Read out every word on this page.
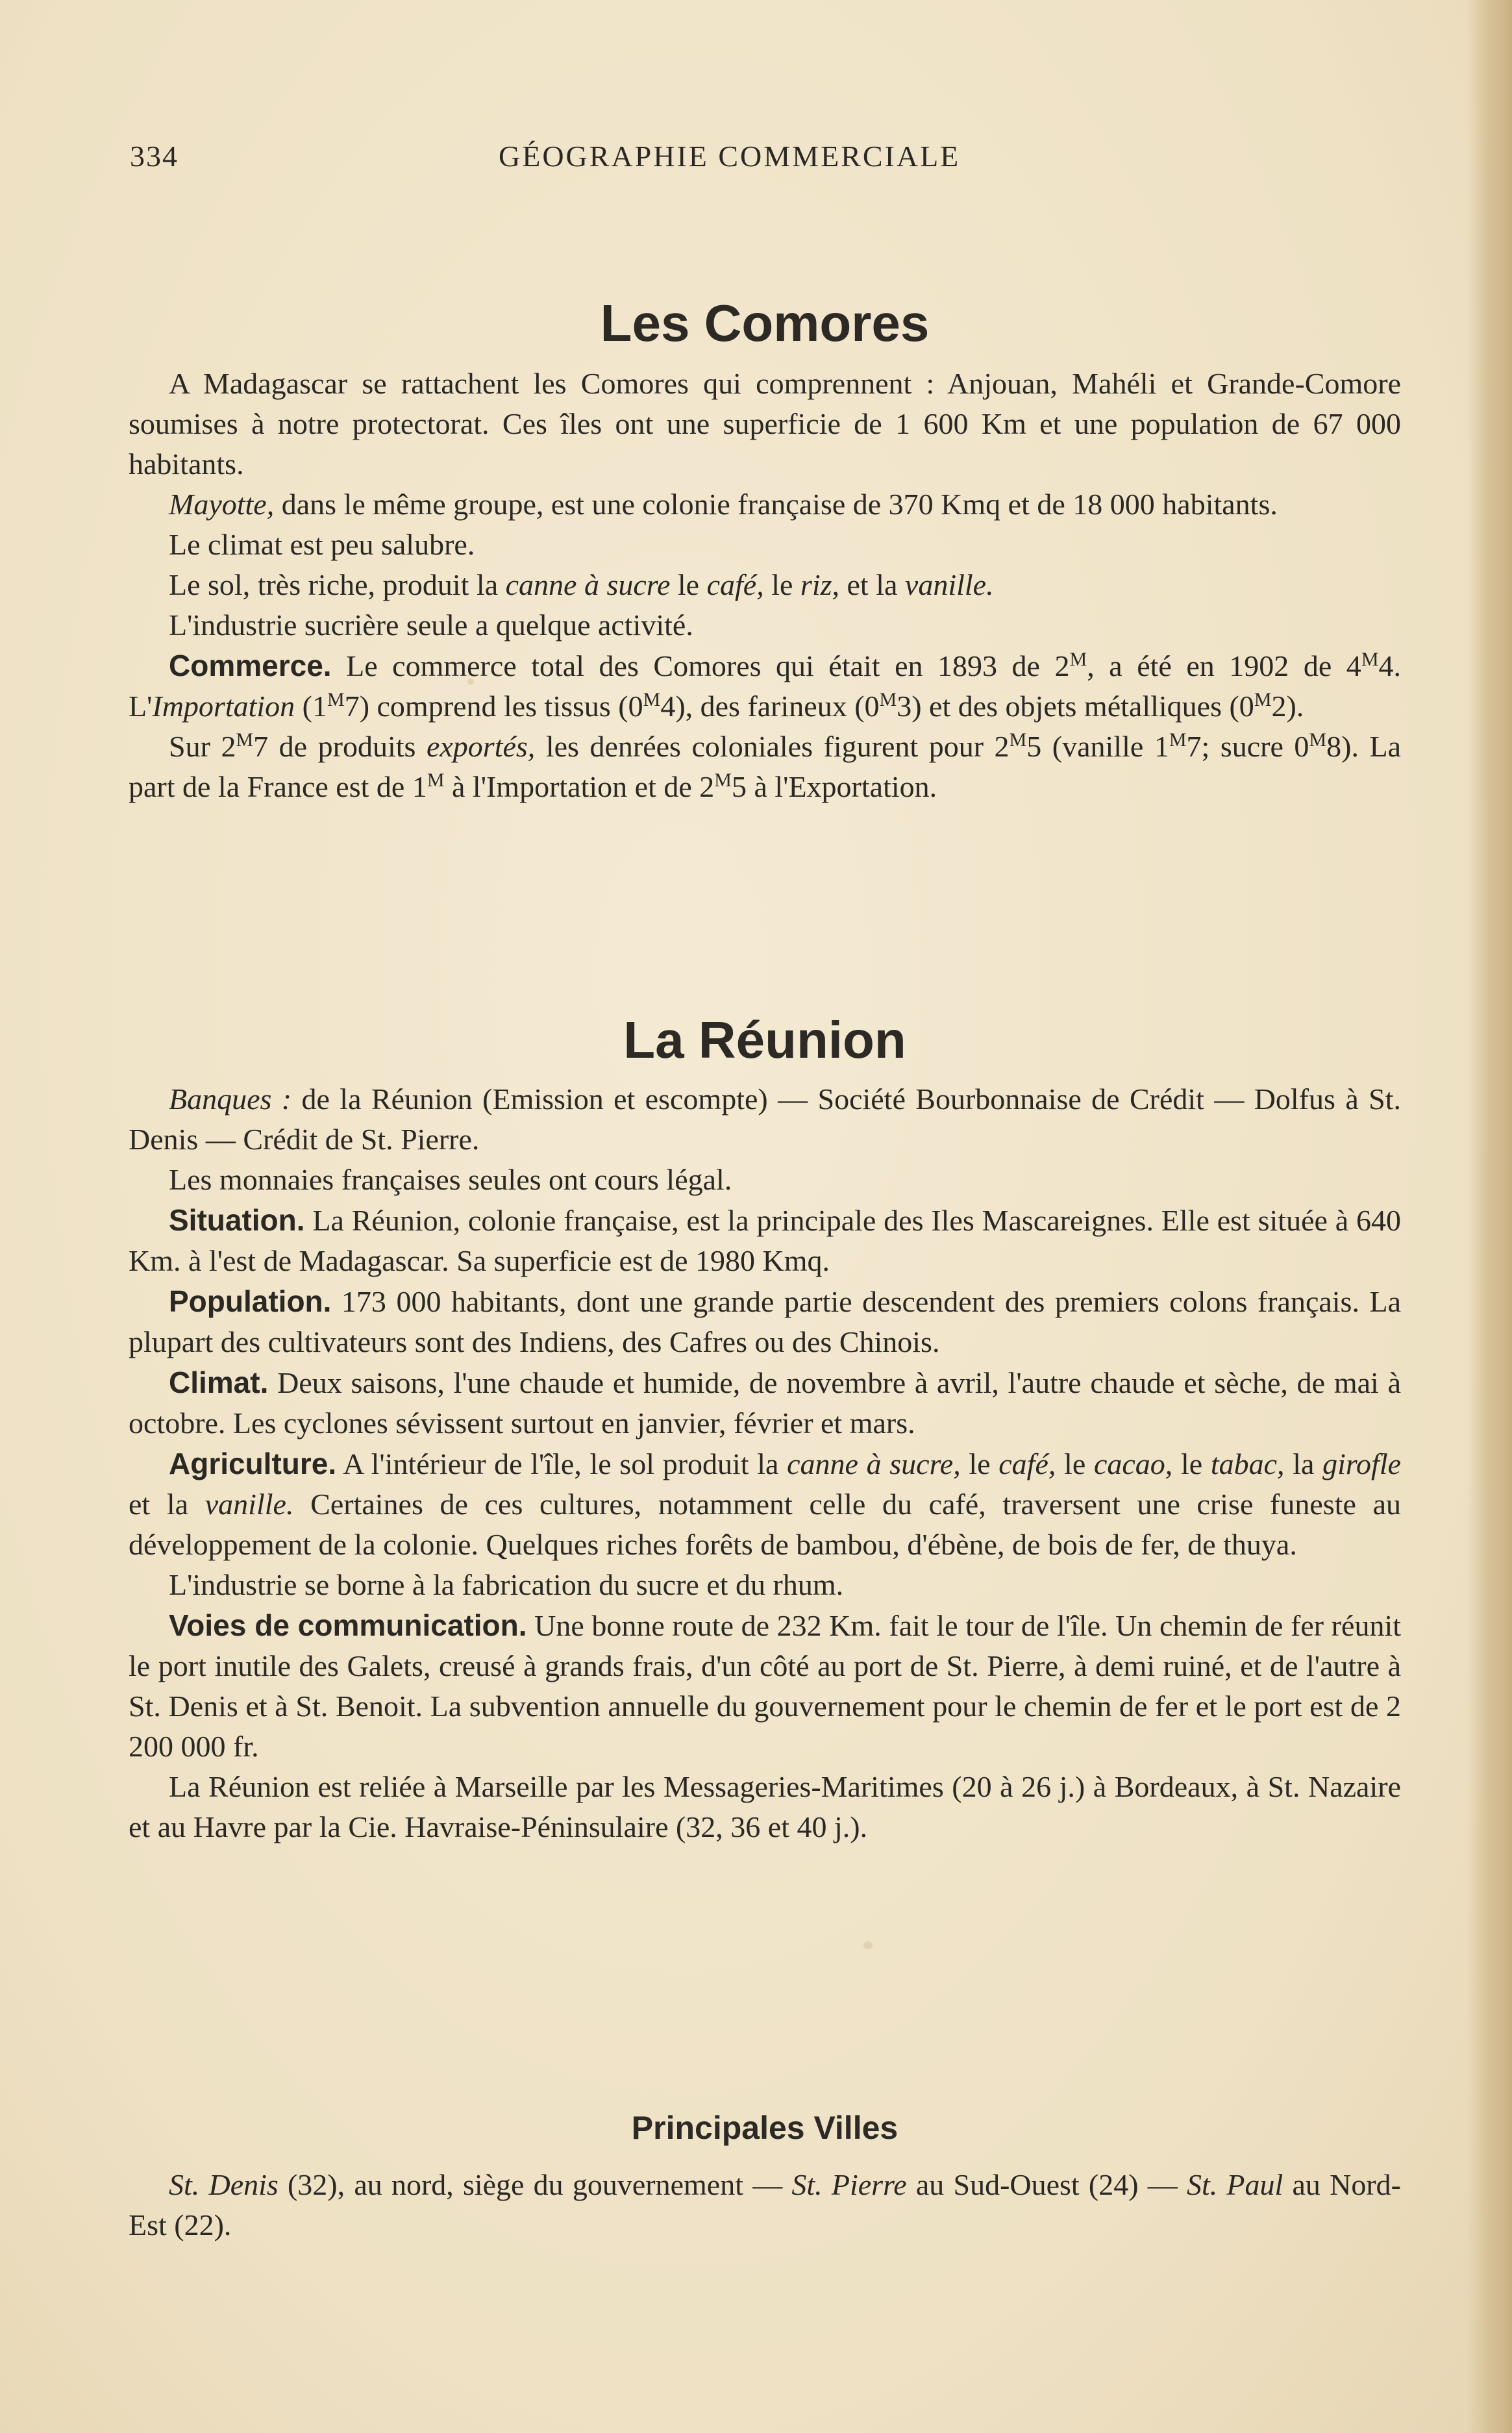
334	GÉOGRAPHIE COMMERCIALE
Les Comores

A Madagascar se rattachent les Comores qui comprennent : Anjouan, Mahéli et Grande-Comore soumises à notre protectorat. Ces îles ont une superficie de 1 600 Km et une population de 67 000 habitants.

Mayotte, dans le même groupe, est une colonie française de 370 Kmq et de 18 000 habitants.

Le climat est peu salubre.

Le sol, très riche, produit la canne à sucre le café, le riz, et la vanille.

L'industrie sucrière seule a quelque activité.

Commerce. Le commerce total des Comores qui était en 1893 de $2^M$, a été en 1902 de $4^M4$. L'Importation $(1^M7)$ comprend les tissus $(0^M4)$, des farineux $(0^M3)$ et des objets métalliques $(0^M2)$.

Sur $2^M7$ de produits exportés, les denrées coloniales figurent pour $2^M5$ (vanille $1^M7$; sucre $0^M8$). La part de la France est de $1^M$ à l'Importation et de $2^M5$ à l'Exportation.

La Réunion

Banques : de la Réunion (Emission et escompte) — Société Bourbonnaise de Crédit — Dolfus à St. Denis — Crédit de St. Pierre.

Les monnaies françaises seules ont cours légal.

Situation. La Réunion, colonie française, est la principale des Iles Mascareignes. Elle est située à 640 Km. à l'est de Madagascar. Sa superficie est de 1980 Kmq.

Population. 173 000 habitants, dont une grande partie descendent des premiers colons français. La plupart des cultivateurs sont des Indiens, des Cafres ou des Chinois.

Climat. Deux saisons, l'une chaude et humide, de novembre à avril, l'autre chaude et sèche, de mai à octobre. Les cyclones sévissent surtout en janvier, février et mars.

Agriculture. A l'intérieur de l'île, le sol produit la canne à sucre, le café, le cacao, le tabac, la girofle et la vanille. Certaines de ces cultures, notamment celle du café, traversent une crise funeste au développement de la colonie. Quelques riches forêts de bambou, d'ébène, de bois de fer, de thuya.

L'industrie se borne à la fabrication du sucre et du rhum.

Voies de communication. Une bonne route de 232 Km. fait le tour de l'île. Un chemin de fer réunit le port inutile des Galets, creusé à grands frais, d'un côté au port de St. Pierre, à demi ruiné, et de l'autre à St. Denis et à St. Benoit. La subvention annuelle du gouvernement pour le chemin de fer et le port est de 2 200 000 fr.

La Réunion est reliée à Marseille par les Messageries-Maritimes (20 à 26 j.) à Bordeaux, à St. Nazaire et au Havre par la Cie. Havraise-Péninsulaire (32, 36 et 40 j.).

Principales Villes

St. Denis (32), au nord, siège du gouvernement — St. Pierre au Sud-Ouest (24) — St. Paul au Nord-Est (22).
